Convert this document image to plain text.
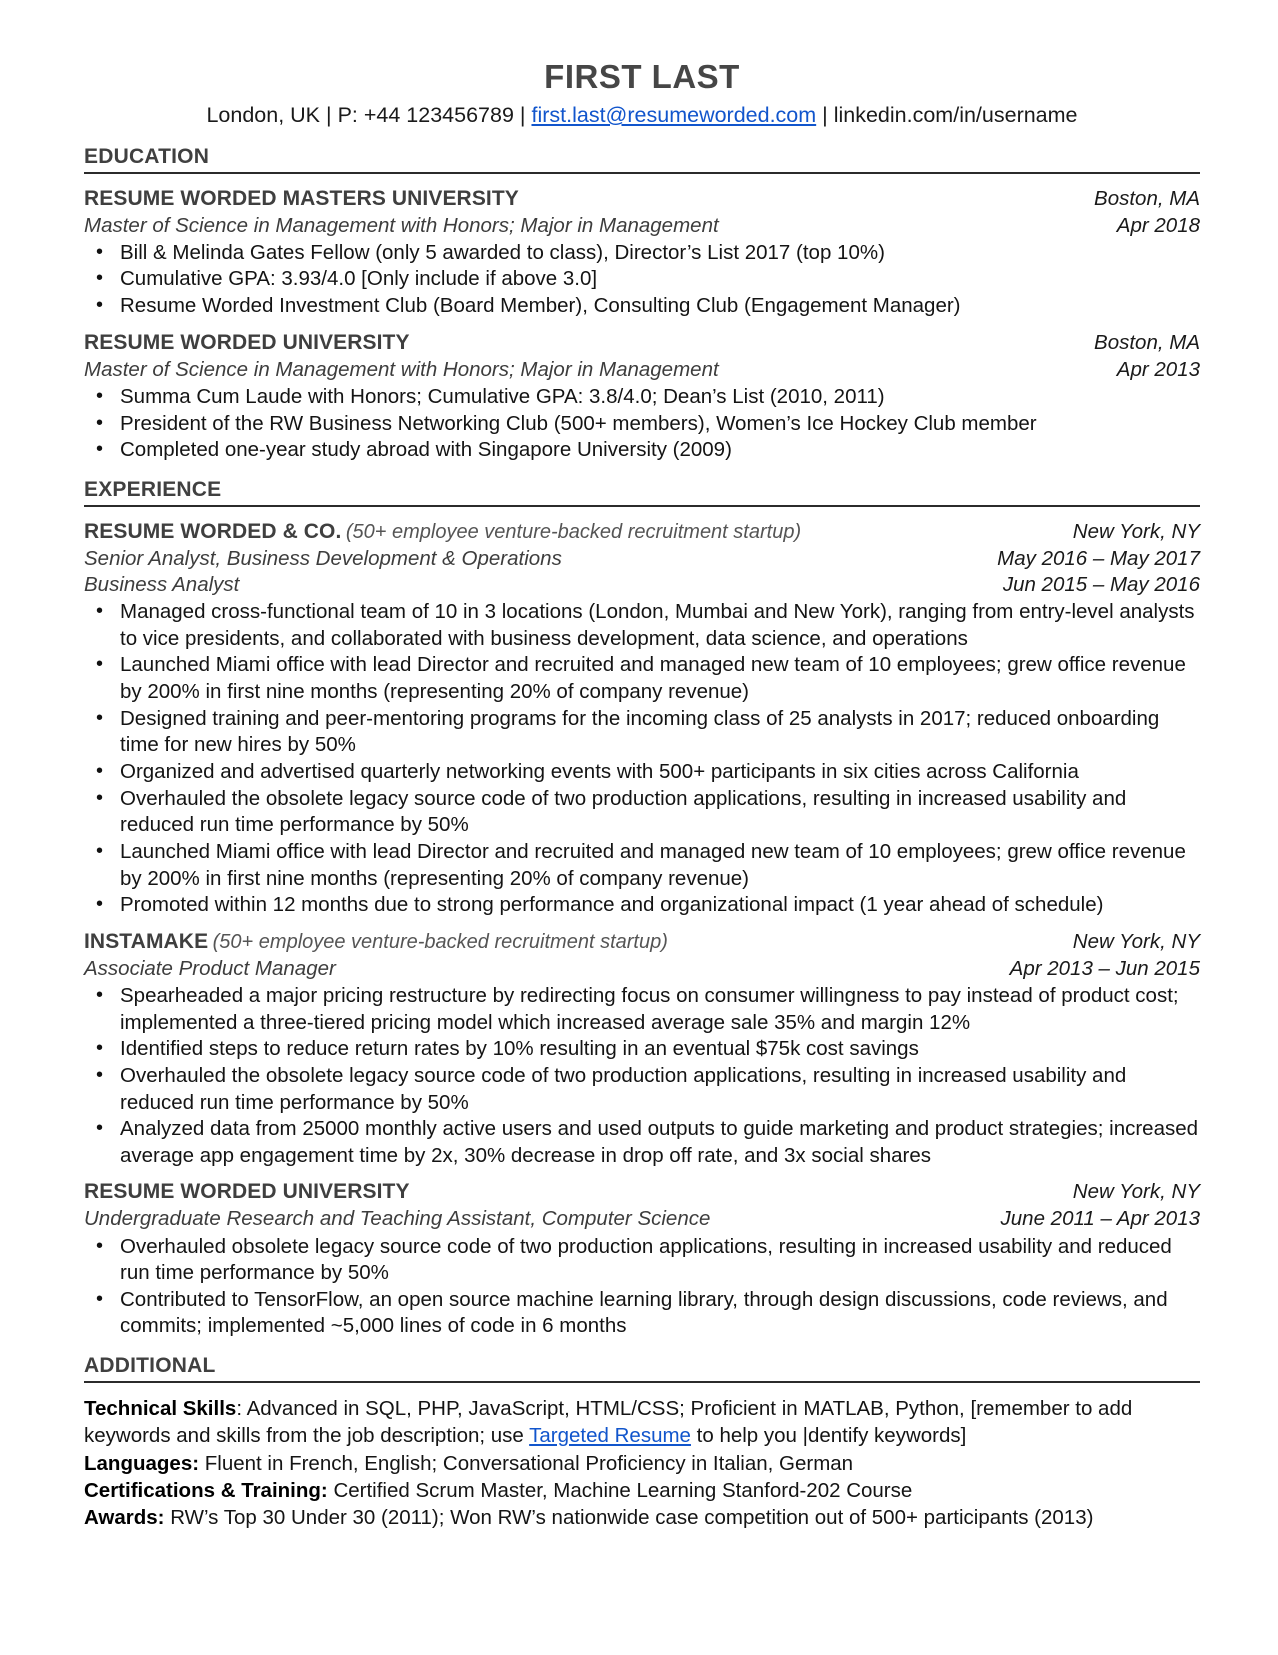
FIRST LAST
London, UK | P: +44 123456789 | first.last@resumeworded.com | linkedin.com/in/username
EDUCATION
RESUME WORDED MASTERS UNIVERSITY	Boston, MA
Master of Science in Management with Honors; Major in Management	Apr 2018
• Bill & Melinda Gates Fellow (only 5 awarded to class), Director’s List 2017 (top 10%)
• Cumulative GPA: 3.93/4.0 [Only include if above 3.0]
• Resume Worded Investment Club (Board Member), Consulting Club (Engagement Manager)
RESUME WORDED UNIVERSITY	Boston, MA
Master of Science in Management with Honors; Major in Management	Apr 2013
• Summa Cum Laude with Honors; Cumulative GPA: 3.8/4.0; Dean’s List (2010, 2011)
• President of the RW Business Networking Club (500+ members), Women’s Ice Hockey Club member
• Completed one-year study abroad with Singapore University (2009)
EXPERIENCE
RESUME WORDED & CO. (50+ employee venture-backed recruitment startup)	New York, NY
Senior Analyst, Business Development & Operations	May 2016 – May 2017
Business Analyst	Jun 2015 – May 2016
• Managed cross-functional team of 10 in 3 locations (London, Mumbai and New York), ranging from entry-level analysts to vice presidents, and collaborated with business development, data science, and operations
• Launched Miami office with lead Director and recruited and managed new team of 10 employees; grew office revenue by 200% in first nine months (representing 20% of company revenue)
• Designed training and peer-mentoring programs for the incoming class of 25 analysts in 2017; reduced onboarding time for new hires by 50%
• Organized and advertised quarterly networking events with 500+ participants in six cities across California
• Overhauled the obsolete legacy source code of two production applications, resulting in increased usability and reduced run time performance by 50%
• Launched Miami office with lead Director and recruited and managed new team of 10 employees; grew office revenue by 200% in first nine months (representing 20% of company revenue)
• Promoted within 12 months due to strong performance and organizational impact (1 year ahead of schedule)
INSTAMAKE (50+ employee venture-backed recruitment startup)	New York, NY
Associate Product Manager	Apr 2013 – Jun 2015
• Spearheaded a major pricing restructure by redirecting focus on consumer willingness to pay instead of product cost; implemented a three-tiered pricing model which increased average sale 35% and margin 12%
• Identified steps to reduce return rates by 10% resulting in an eventual $75k cost savings
• Overhauled the obsolete legacy source code of two production applications, resulting in increased usability and reduced run time performance by 50%
• Analyzed data from 25000 monthly active users and used outputs to guide marketing and product strategies; increased average app engagement time by 2x, 30% decrease in drop off rate, and 3x social shares
RESUME WORDED UNIVERSITY	New York, NY
Undergraduate Research and Teaching Assistant, Computer Science	June 2011 – Apr 2013
• Overhauled obsolete legacy source code of two production applications, resulting in increased usability and reduced run time performance by 50%
• Contributed to TensorFlow, an open source machine learning library, through design discussions, code reviews, and commits; implemented ~5,000 lines of code in 6 months
ADDITIONAL

Technical Skills: Advanced in SQL, PHP, JavaScript, HTML/CSS; Proficient in MATLAB, Python, [remember to add keywords and skills from the job description; use Targeted Resume to help you |dentify keywords]

Languages: Fluent in French, English; Conversational Proficiency in Italian, German

Certifications & Training: Certified Scrum Master, Machine Learning Stanford-202 Course

Awards: RW’s Top 30 Under 30 (2011); Won RW’s nationwide case competition out of 500+ participants (2013)
